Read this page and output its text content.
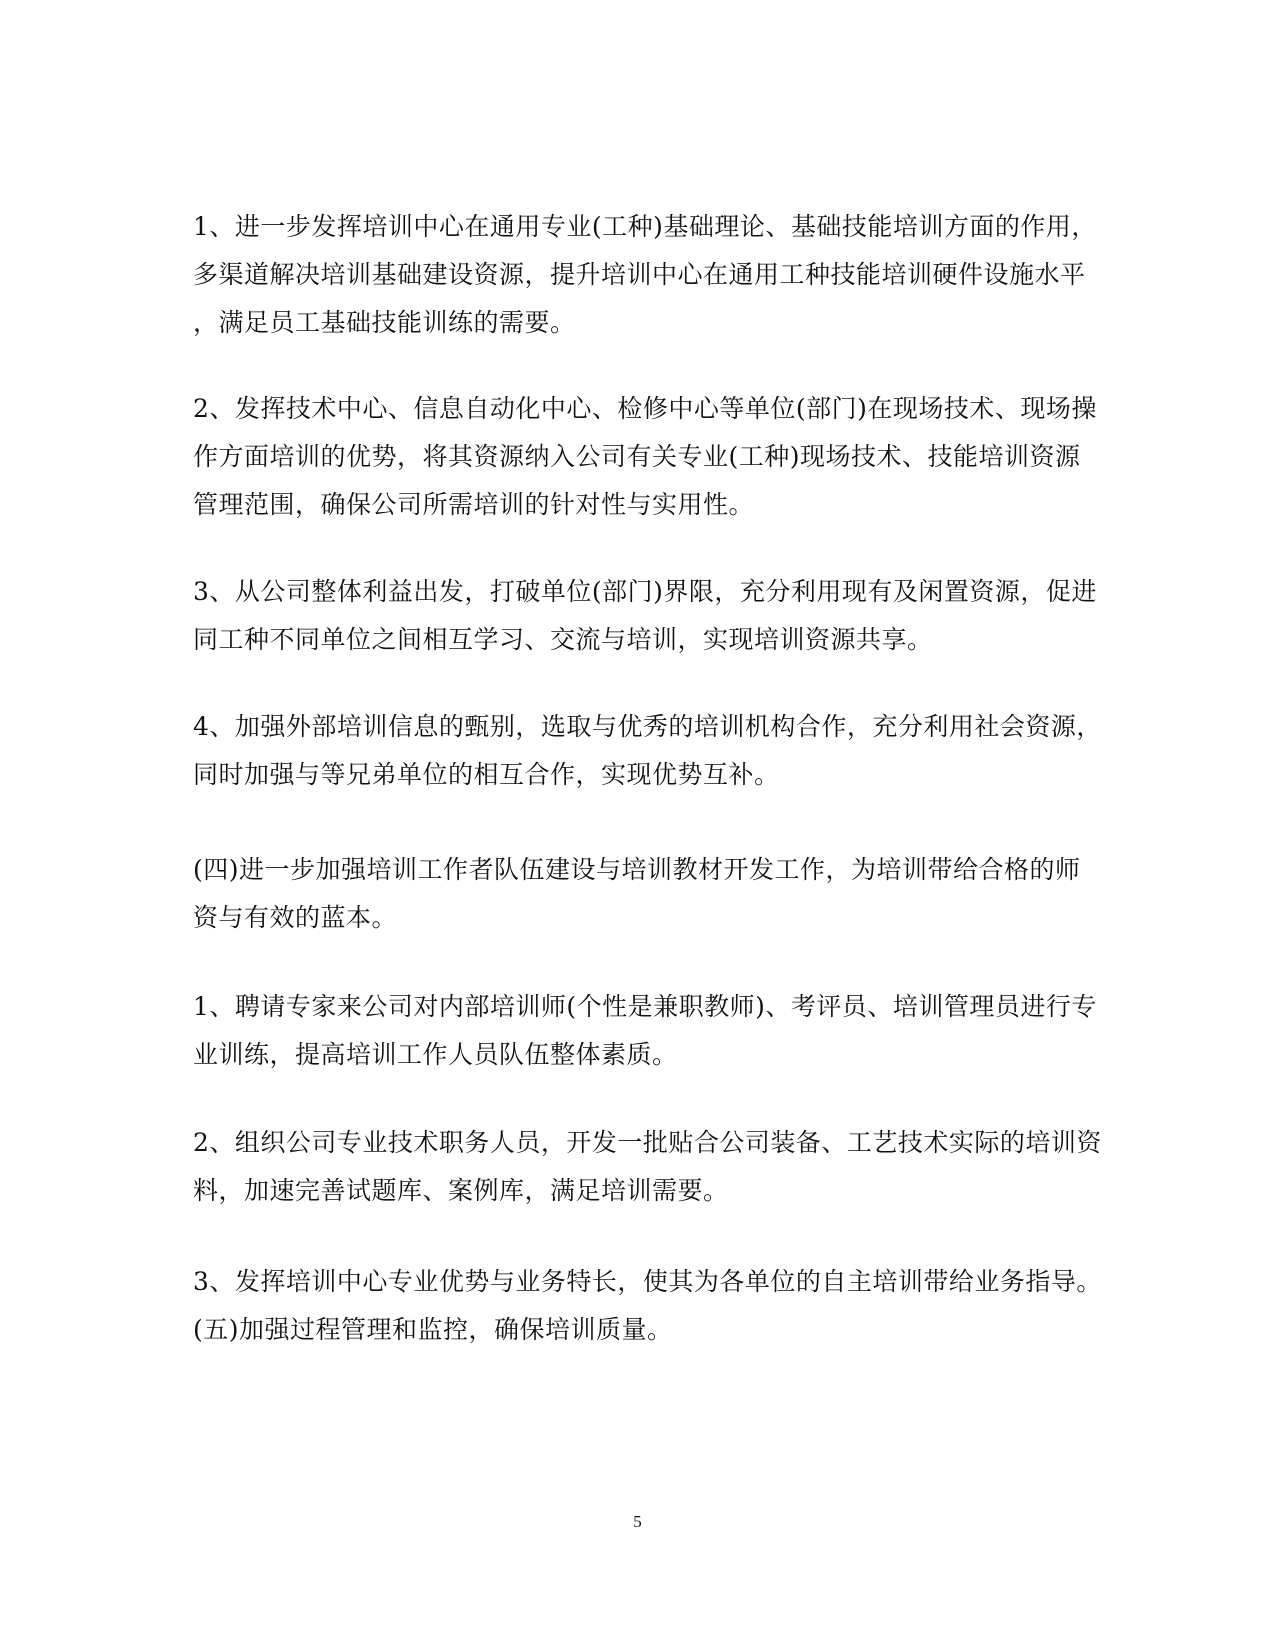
1、进一步发挥培训中心在通用专业(工种)基础理论、基础技能培训方面的作用，
多渠道解决培训基础建设资源，提升培训中心在通用工种技能培训硬件设施水平
，满足员工基础技能训练的需要。
2、发挥技术中心、信息自动化中心、检修中心等单位(部门)在现场技术、现场操
作方面培训的优势，将其资源纳入公司有关专业(工种)现场技术、技能培训资源
管理范围，确保公司所需培训的针对性与实用性。
3、从公司整体利益出发，打破单位(部门)界限，充分利用现有及闲置资源，促进
同工种不同单位之间相互学习、交流与培训，实现培训资源共享。
4、加强外部培训信息的甄别，选取与优秀的培训机构合作，充分利用社会资源，
同时加强与等兄弟单位的相互合作，实现优势互补。
(四)进一步加强培训工作者队伍建设与培训教材开发工作，为培训带给合格的师
资与有效的蓝本。
1、聘请专家来公司对内部培训师(个性是兼职教师)、考评员、培训管理员进行专
业训练，提高培训工作人员队伍整体素质。
2、组织公司专业技术职务人员，开发一批贴合公司装备、工艺技术实际的培训资
料，加速完善试题库、案例库，满足培训需要。
3、发挥培训中心专业优势与业务特长，使其为各单位的自主培训带给业务指导。
(五)加强过程管理和监控，确保培训质量。
5
